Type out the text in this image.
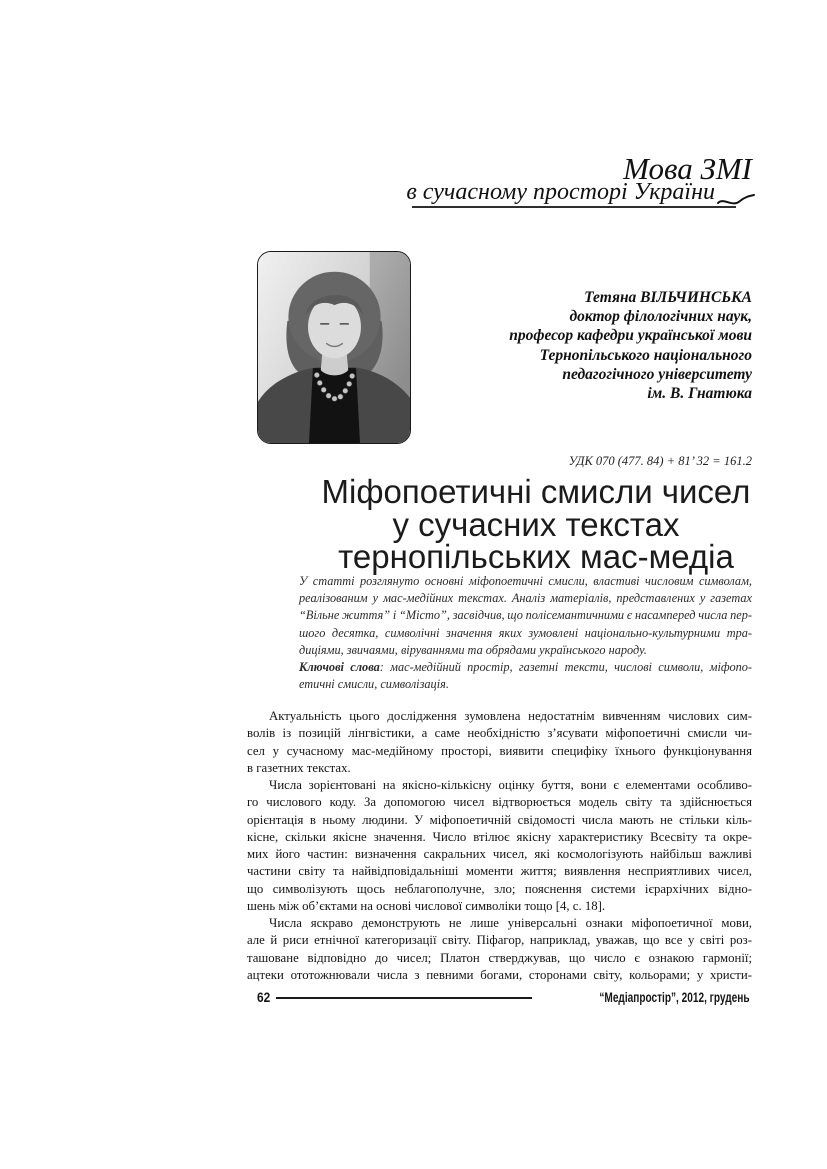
Мова ЗМІ
в сучасному просторі України
Тетяна ВІЛЬЧИНСЬКА
доктор філологічних наук,
професор кафедри української мови
Тернопільського національного
педагогічного університету
ім. В. Гнатюка
УДК 070 (477. 84) + 81’ 32 = 161.2
Міфопоетичні смисли чисел
у сучасних текстах
тернопільських мас-медіа
У статті розглянуто основні міфопоетичні смисли, властиві числовим символам,
реалізованим у мас-медійних текстах. Аналіз матеріалів, представлених у газетах
“Вільне життя” і “Місто”, засвідчив, що полісемантичними є насамперед числа пер-
шого десятка, символічні значення яких зумовлені національно-культурними тра-
диціями, звичаями, віруваннями та обрядами українського народу.
Ключові слова: мас-медійний простір, газетні тексти, числові символи, міфопо-
етичні смисли, символізація.
Актуальність цього дослідження зумовлена недостатнім вивченням числових сим-
волів із позицій лінгвістики, а саме необхідністю з’ясувати міфопоетичні смисли чи-
сел у сучасному мас-медійному просторі, виявити специфіку їхнього функціонування
в газетних текстах.
Числа зорієнтовані на якісно-кількісну оцінку буття, вони є елементами особливо-
го числового коду. За допомогою чисел відтворюється модель світу та здійснюється
орієнтація в ньому людини. У міфопоетичній свідомості числа мають не стільки кіль-
кісне, скільки якісне значення. Число втілює якісну характеристику Всесвіту та окре-
мих його частин: визначення сакральних чисел, які космологізують найбільш важливі
частини світу та найвідповідальніші моменти життя; виявлення несприятливих чисел,
що символізують щось неблагополучне, зло; пояснення системи ієрархічних відно-
шень між об’єктами на основі числової символіки тощо [4, с. 18].
Числа яскраво демонструють не лише універсальні ознаки міфопоетичної мови,
але й риси етнічної категоризації світу. Піфагор, наприклад, уважав, що все у світі роз-
ташоване відповідно до чисел; Платон стверджував, що число є ознакою гармонії;
ацтеки ототожнювали числа з певними богами, сторонами світу, кольорами; у христи-
62	“Медіапростір”, 2012, грудень
